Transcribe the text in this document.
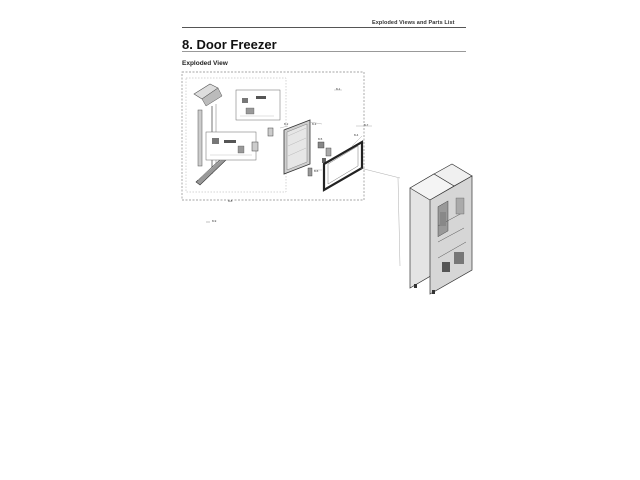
Exploded Views and Parts List
8. Door Freezer
Exploded View
8-1
8-2	8-3
8-4
8-5
8-6
8-7
8-8
8-9
